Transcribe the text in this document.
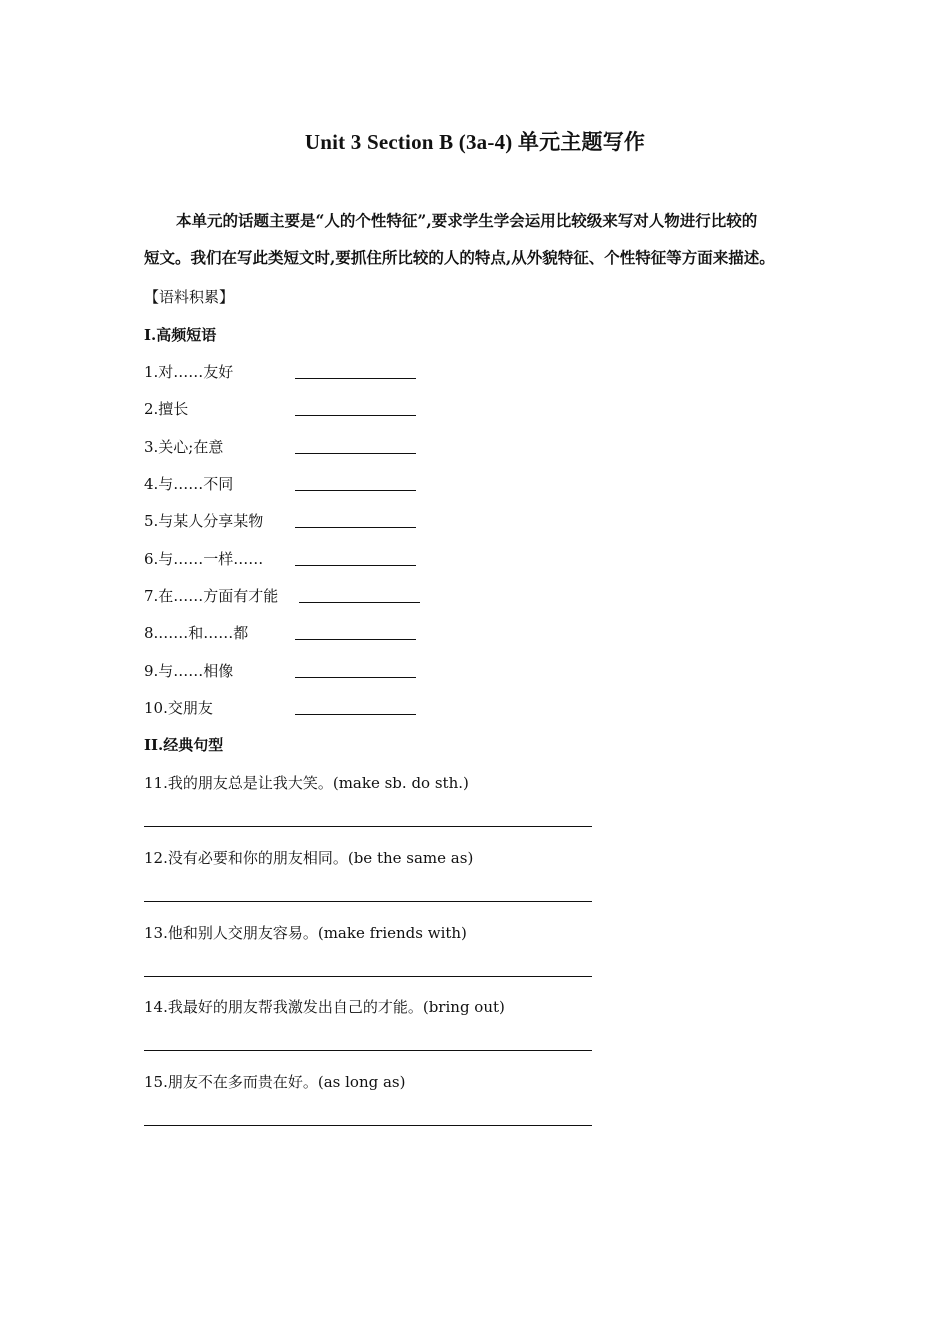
Unit 3 Section B (3a-4) 单元主题写作
本单元的话题主要是“人的个性特征”,要求学生学会运用比较级来写对人物进行比较的
短文。我们在写此类短文时,要抓住所比较的人的特点,从外貌特征、个性特征等方面来描述。
【语料积累】
I.高频短语
1.对……友好
2.擅长
3.关心;在意
4.与……不同
5.与某人分享某物
6.与……一样……
7.在……方面有才能
8.……和……都
9.与……相像
10.交朋友
II.经典句型
11.我的朋友总是让我大笑。(make sb. do sth.)
12.没有必要和你的朋友相同。(be the same as)
13.他和别人交朋友容易。(make friends with)
14.我最好的朋友帮我激发出自己的才能。(bring out)
15.朋友不在多而贵在好。(as long as)
